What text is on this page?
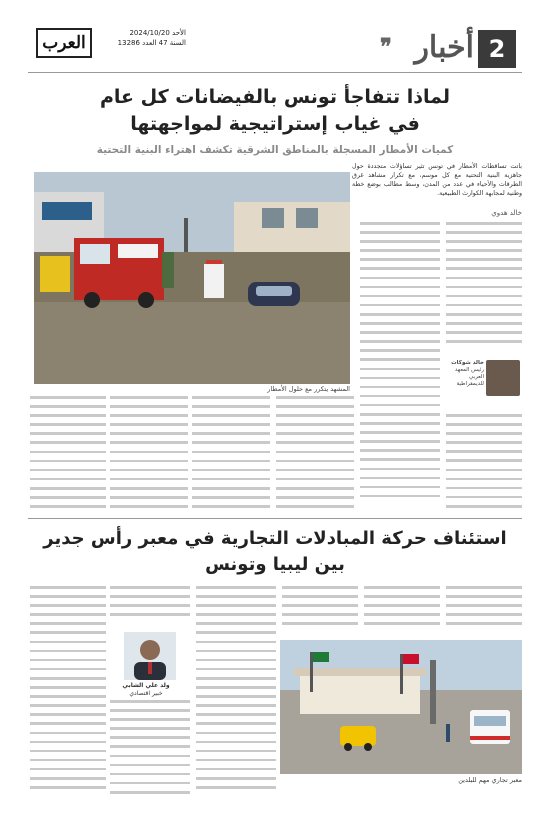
2
أخبار
❞
العرب	الأحد 2024/10/20
السنة 47 العدد 13286
لماذا تتفاجأ تونس بالفيضانات كل عام
في غياب إستراتيجية لمواجهتها
كميات الأمطار المسجلة بالمناطق الشرقية تكشف اهتراء البنية التحتية
المشهد يتكرر مع حلول الأمطار
باتت تساقطات الأمطار في تونس تثير تساؤلات متجددة حول جاهزية البنية التحتية مع كل موسم، مع تكرار مشاهد غرق الطرقات والأحياء في عدد من المدن، وسط مطالب بوضع خطة وطنية لمجابهة الكوارث الطبيعية.
خالد هدوي
خالد شوكات
رئيس المعهد العربي للديمقراطية
استئناف حركة المبادلات التجارية في معبر رأس جدير
بين ليبيا وتونس
ولد علي الشابي
خبير اقتصادي
معبر تجاري مهم للبلدين
